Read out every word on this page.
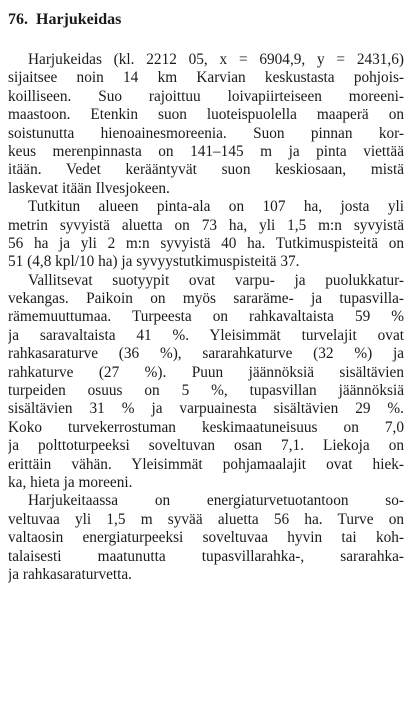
76. Harjukeidas
Harjukeidas (kl. 2212 05, x = 6904,9, y = 2431,6)
sijaitsee noin 14 km Karvian keskustasta pohjois-
koilliseen. Suo rajoittuu loivapiirteiseen moreeni-
maastoon. Etenkin suon luoteispuolella maaperä on
soistunutta hienoainesmoreenia. Suon pinnan kor-
keus merenpinnasta on 141–145 m ja pinta viettää
itään. Vedet kerääntyvät suon keskiosaan, mistä
laskevat itään Ilvesjokeen.
Tutkitun alueen pinta-ala on 107 ha, josta yli
metrin syvyistä aluetta on 73 ha, yli 1,5 m:n syvyistä
56 ha ja yli 2 m:n syvyistä 40 ha. Tutkimuspisteitä on
51 (4,8 kpl/10 ha) ja syvyystutkimuspisteitä 37.
Vallitsevat suotyypit ovat varpu- ja puolukkatur-
vekangas. Paikoin on myös sararäme- ja tupasvilla-
rämemuuttumaa. Turpeesta on rahkavaltaista 59 %
ja saravaltaista 41 %. Yleisimmät turvelajit ovat
rahkasaraturve (36 %), sararahkaturve (32 %) ja
rahkaturve (27 %). Puun jäännöksiä sisältävien
turpeiden osuus on 5 %, tupasvillan jäännöksiä
sisältävien 31 % ja varpuainesta sisältävien 29 %.
Koko turvekerrostuman keskimaatuneisuus on 7,0
ja polttoturpeeksi soveltuvan osan 7,1. Liekoja on
erittäin vähän. Yleisimmät pohjamaalajit ovat hiek-
ka, hieta ja moreeni.
Harjukeitaassa on energiaturvetuotantoon so-
veltuvaa yli 1,5 m syvää aluetta 56 ha. Turve on
valtaosin energiaturpeeksi soveltuvaa hyvin tai koh-
talaisesti maatunutta tupasvillarahka-, sararahka-
ja rahkasaraturvetta.
